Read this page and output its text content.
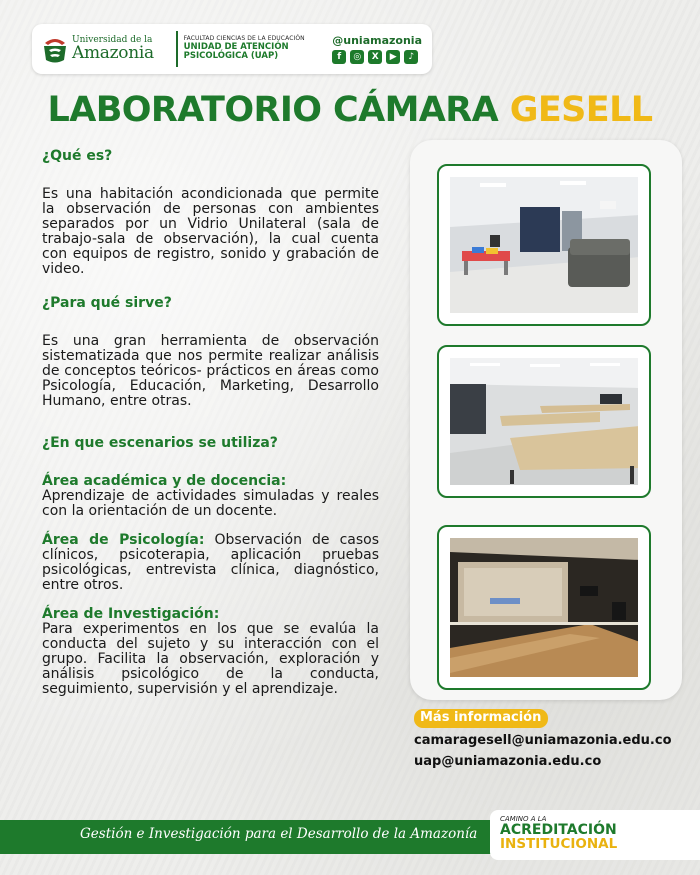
Universidad de la
Amazonia
FACULTAD CIENCIAS DE LA EDUCACIÓN
UNIDAD DE ATENCIÓN
PSICOLÓGICA (UAP)
@uniamazonia
f	◎	X	▶	♪
LABORATORIO CÁMARA GESELL
¿Qué es?

Es una habitación acondicionada que permite la observación de personas con ambientes separados por un Vidrio Unilateral (sala de trabajo-sala de observación), la cual cuenta con equipos de registro, sonido y grabación de video.

¿Para qué sirve?

Es una gran herramienta de observación sistematizada que nos permite realizar análisis de conceptos teóricos- prácticos en áreas como Psicología, Educación, Marketing, Desarrollo Humano, entre otras.

¿En que escenarios se utiliza?
Área académica y de docencia:
Aprendizaje de actividades simuladas y reales con la orientación de un docente.
Área de Psicología: Observación de casos clínicos, psicoterapia, aplicación pruebas psicológicas, entrevista clínica, diagnóstico, entre otros.
Área de Investigación:
Para experimentos en los que se evalúa la conducta del sujeto y su interacción con el grupo. Facilita la observación, exploración y análisis psicológico de la conducta, seguimiento, supervisión y el aprendizaje.
Más información
camaragesell@uniamazonia.edu.co
uap@uniamazonia.edu.co
Gestión e Investigación para el Desarrollo de la Amazonía
CAMINO A LA
ACREDITACIÓN
INSTITUCIONAL
